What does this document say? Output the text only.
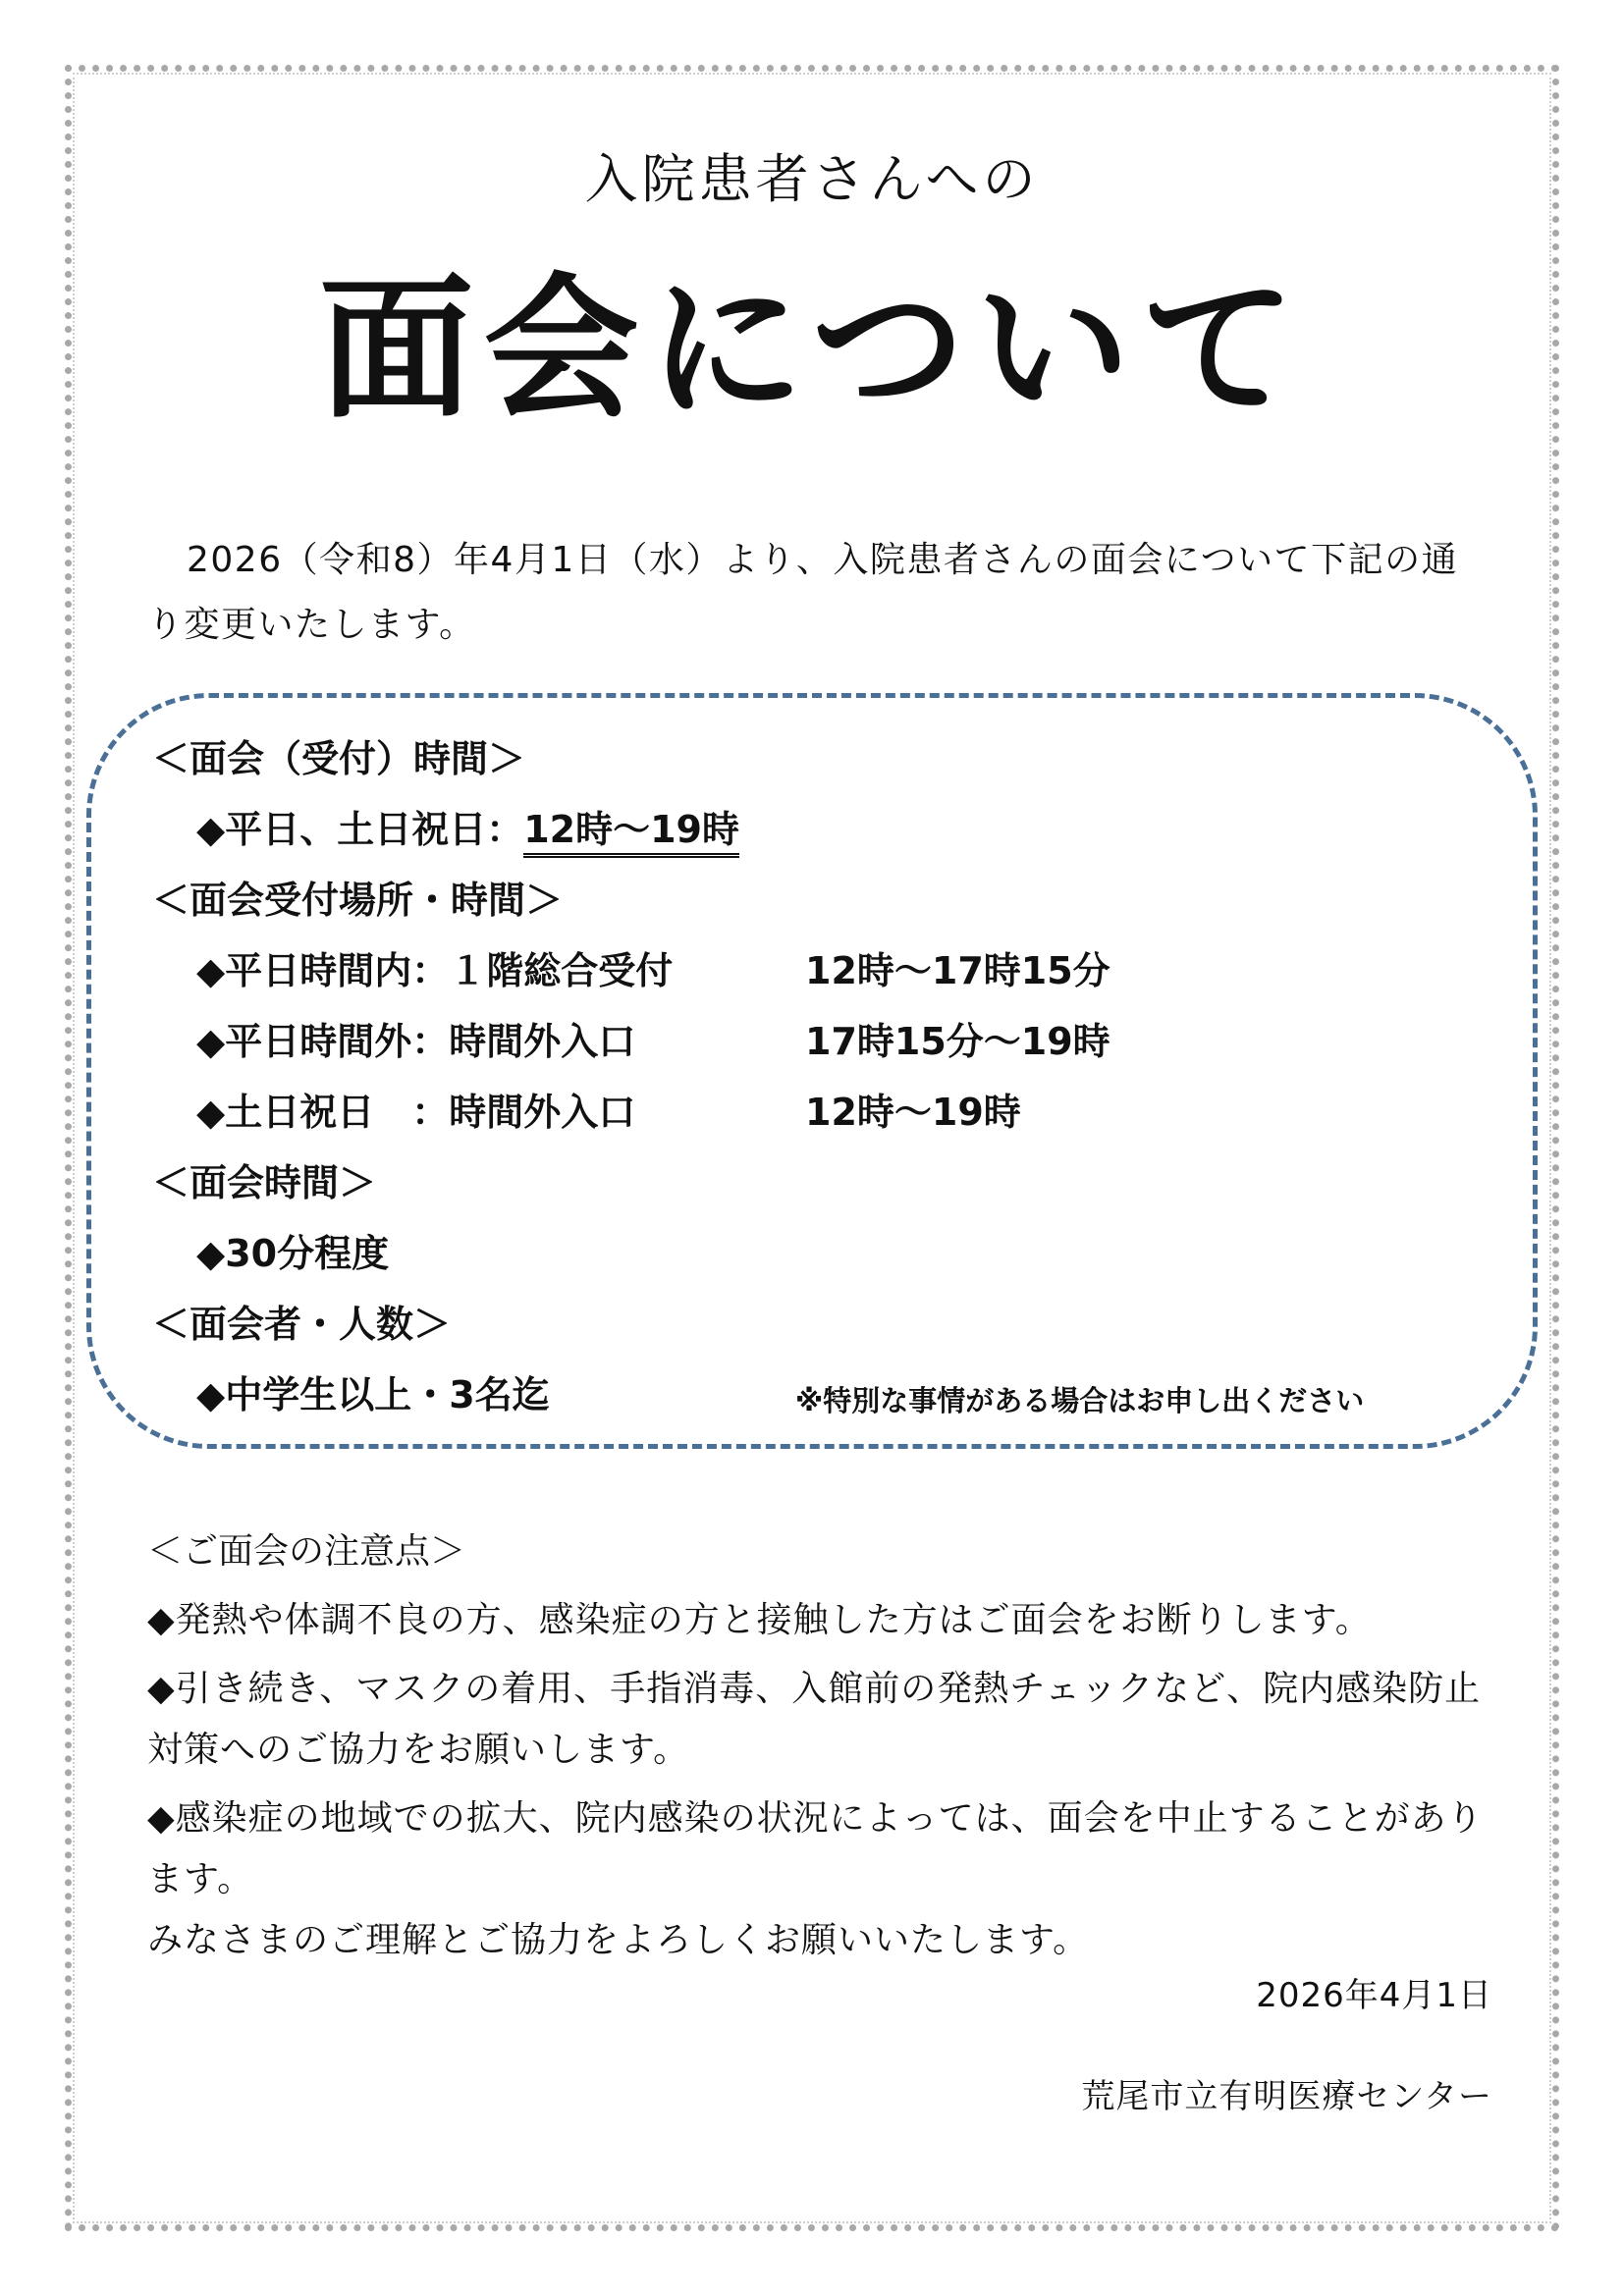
入院患者さんへの
面会について
2026（令和8）年4月1日（水）より、入院患者さんの面会について下記の通り変更いたします。
＜面会（受付）時間＞
◆平日、土日祝日：12時～19時
＜面会受付場所・時間＞
◆平日時間内：１階総合受付	12時～17時15分
◆平日時間外：時間外入口	17時15分～19時
◆土日祝日　：時間外入口	12時～19時
＜面会時間＞
◆30分程度
＜面会者・人数＞
◆中学生以上・3名迄	※特別な事情がある場合はお申し出ください
＜ご面会の注意点＞
◆発熱や体調不良の方、感染症の方と接触した方はご面会をお断りします。
◆引き続き、マスクの着用、手指消毒、入館前の発熱チェックなど、院内感染防止対策へのご協力をお願いします。
◆感染症の地域での拡大、院内感染の状況によっては、面会を中止することがあります。
みなさまのご理解とご協力をよろしくお願いいたします。
2026年4月1日
荒尾市立有明医療センター
